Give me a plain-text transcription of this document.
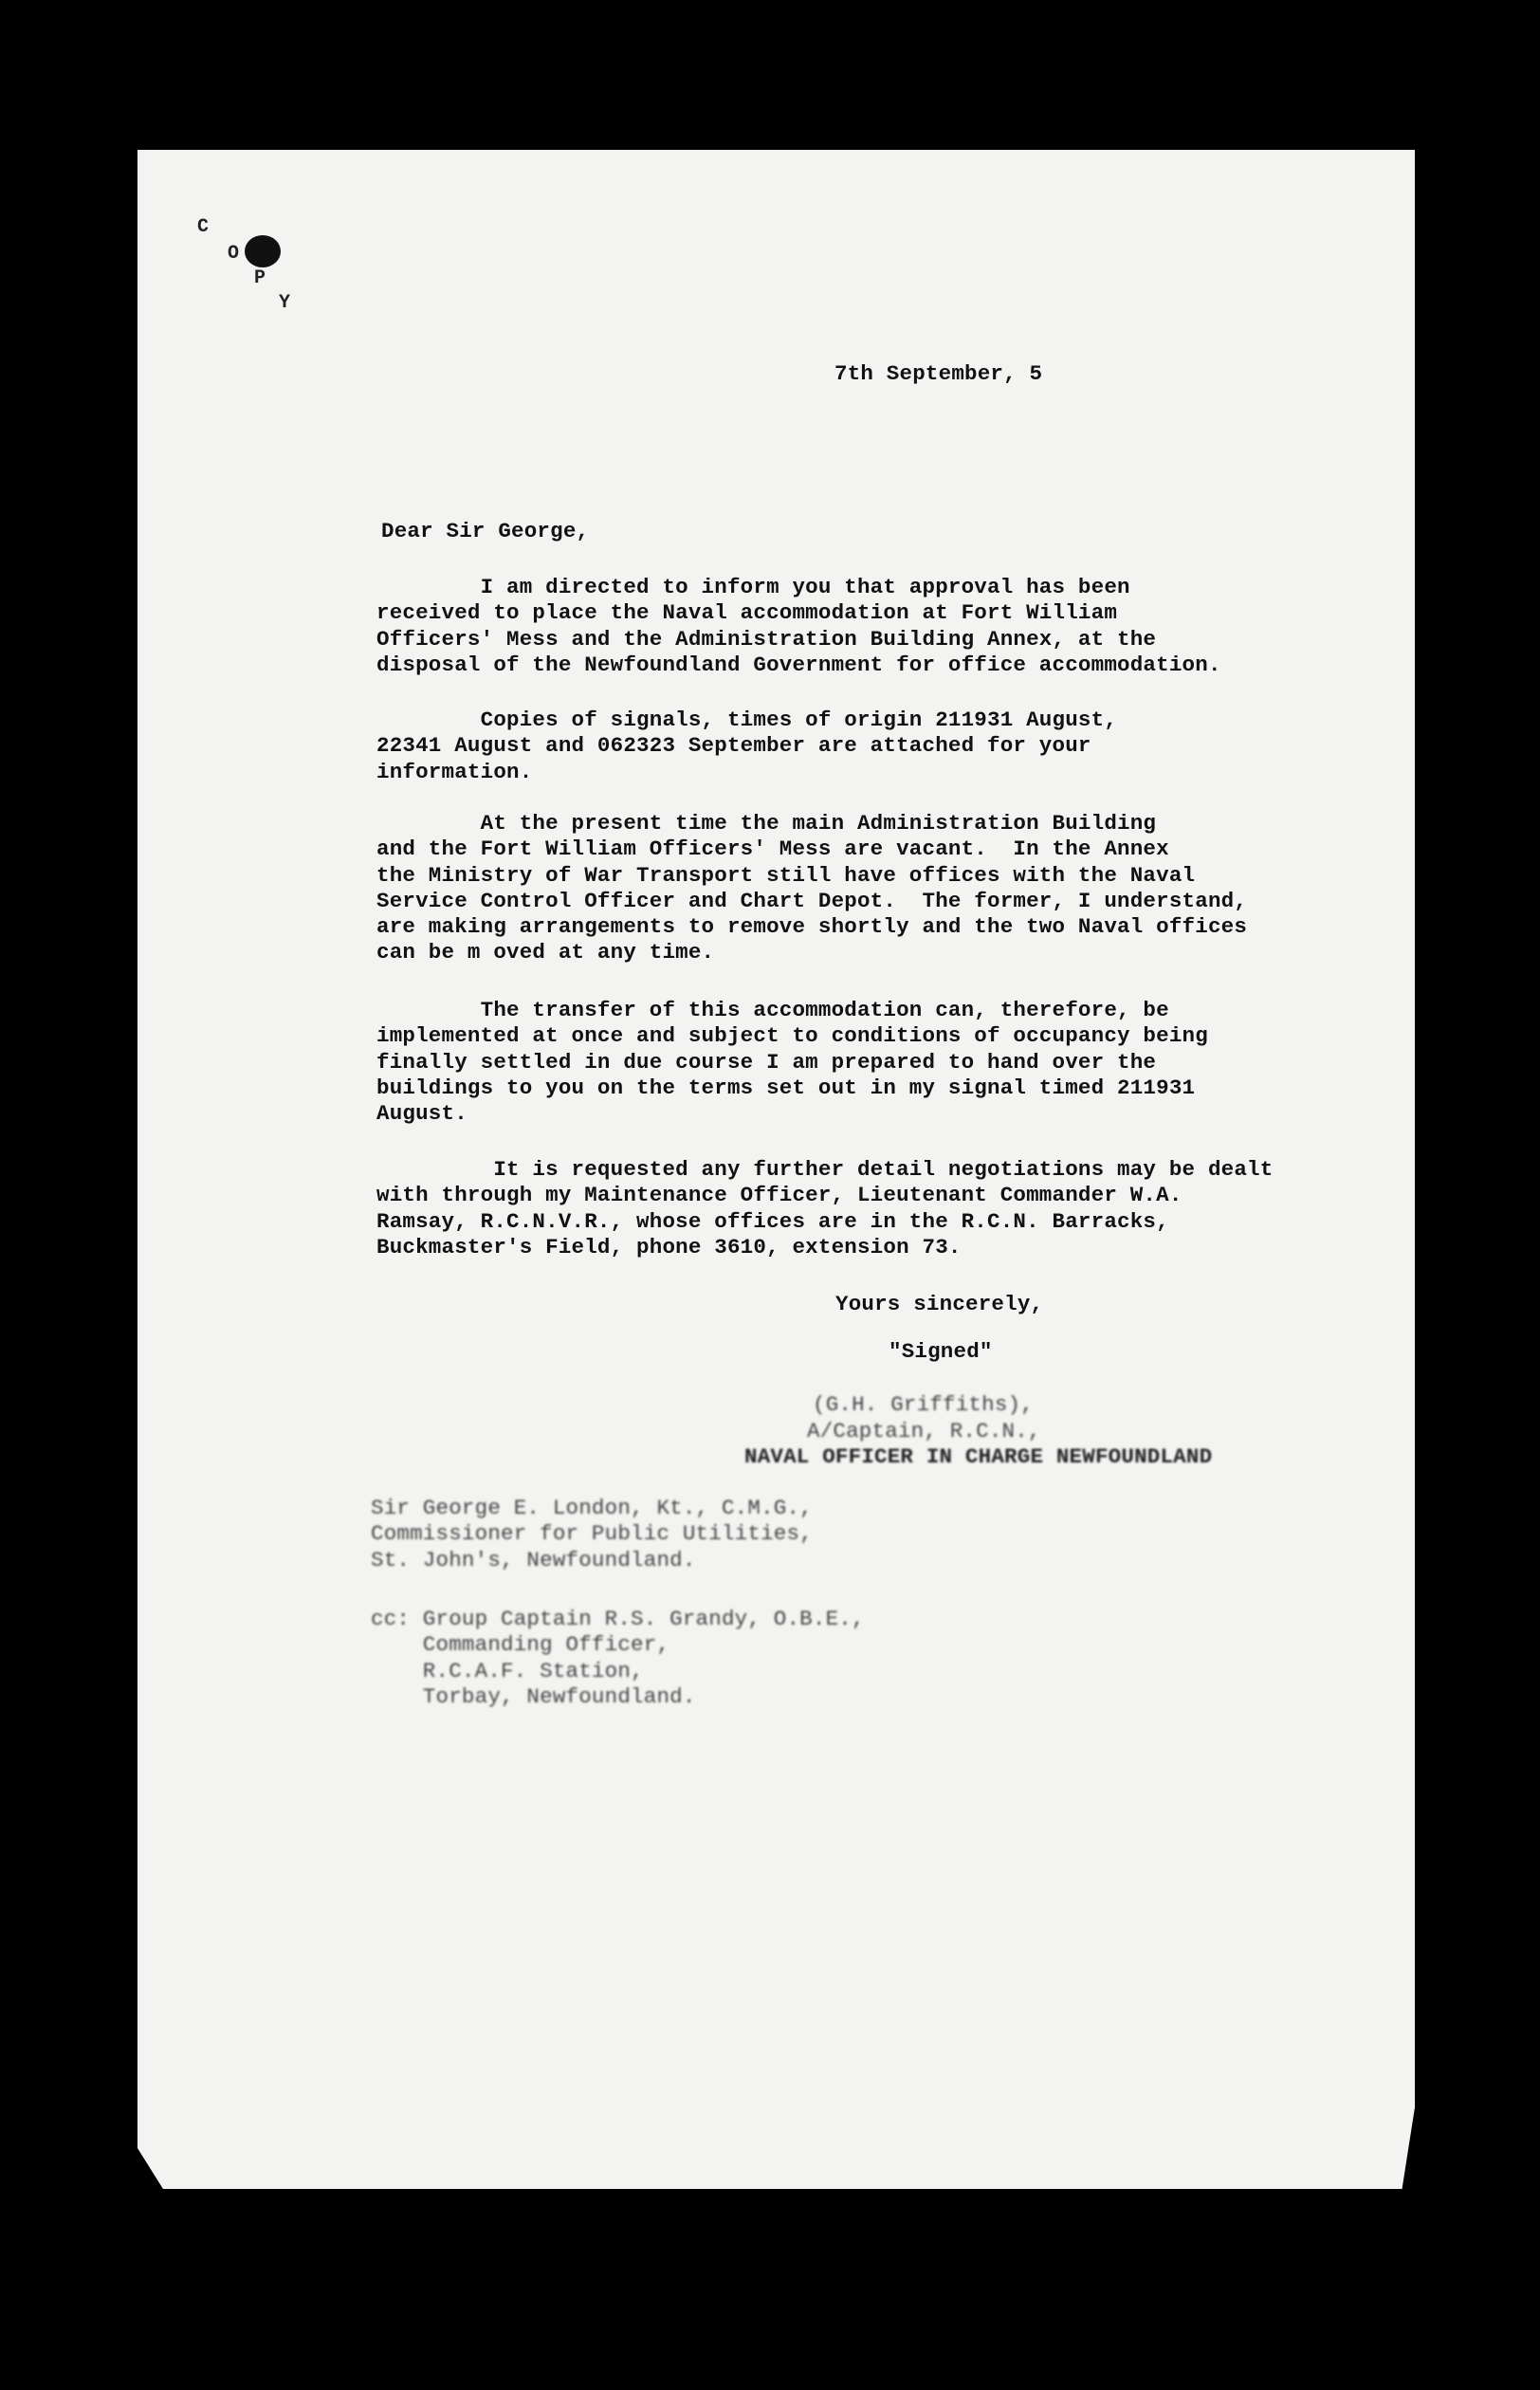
C
O
P
Y
7th September, 5
Dear Sir George,
I am directed to inform you that approval has been
received to place the Naval accommodation at Fort William
Officers' Mess and the Administration Building Annex, at the
disposal of the Newfoundland Government for office accommodation.
Copies of signals, times of origin 211931 August,
22341 August and 062323 September are attached for your
information.
At the present time the main Administration Building
and the Fort William Officers' Mess are vacant.  In the Annex
the Ministry of War Transport still have offices with the Naval
Service Control Officer and Chart Depot.  The former, I understand,
are making arrangements to remove shortly and the two Naval offices
can be m oved at any time.
The transfer of this accommodation can, therefore, be
implemented at once and subject to conditions of occupancy being
finally settled in due course I am prepared to hand over the
buildings to you on the terms set out in my signal timed 211931
August.
It is requested any further detail negotiations may be dealt
with through my Maintenance Officer, Lieutenant Commander W.A.
Ramsay, R.C.N.V.R., whose offices are in the R.C.N. Barracks,
Buckmaster's Field, phone 3610, extension 73.
Yours sincerely,
"Signed"
(G.H. Griffiths),
A/Captain, R.C.N.,
NAVAL OFFICER IN CHARGE NEWFOUNDLAND
Sir George E. London, Kt., C.M.G.,
Commissioner for Public Utilities,
St. John's, Newfoundland.
cc: Group Captain R.S. Grandy, O.B.E.,
Commanding Officer,
R.C.A.F. Station,
Torbay, Newfoundland.
